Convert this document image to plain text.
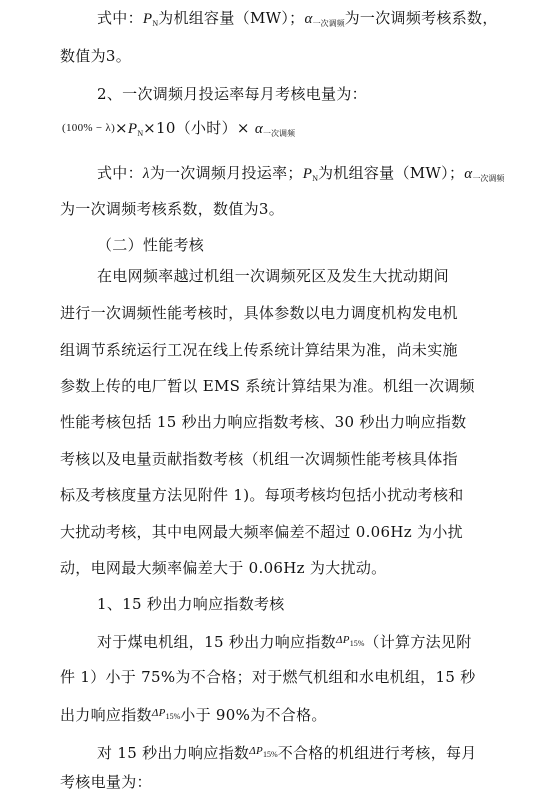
式中：$P_N$为机组容量（MW）；$\alpha_{一次调频}$为一次调频考核系数，
数值为3。
2、一次调频月投运率每月考核电量为：
$(100\% - \lambda)\times P_N\times 10$（小时）× $\alpha_{一次调频}$
式中：λ为一次调频月投运率；$P_N$为机组容量（MW）；$\alpha_{一次调频}$
为一次调频考核系数，数值为3。
（二）性能考核
在电网频率越过机组一次调频死区及发生大扰动期间
进行一次调频性能考核时，具体参数以电力调度机构发电机
组调节系统运行工况在线上传系统计算结果为准，尚未实施
参数上传的电厂暂以 EMS 系统计算结果为准。机组一次调频
性能考核包括 15 秒出力响应指数考核、30 秒出力响应指数
考核以及电量贡献指数考核（机组一次调频性能考核具体指
标及考核度量方法见附件 1)。每项考核均包括小扰动考核和
大扰动考核，其中电网最大频率偏差不超过 0.06Hz 为小扰
动，电网最大频率偏差大于 0.06Hz 为大扰动。
1、15 秒出力响应指数考核
对于煤电机组，15 秒出力响应指数$^{\Delta P_{15\%}}$（计算方法见附
件 1）小于 75%为不合格；对于燃气机组和水电机组，15 秒
出力响应指数$^{\Delta P_{15\%}}$小于 90%为不合格。
对 15 秒出力响应指数$^{\Delta P_{15\%}}$不合格的机组进行考核，每月
考核电量为：
